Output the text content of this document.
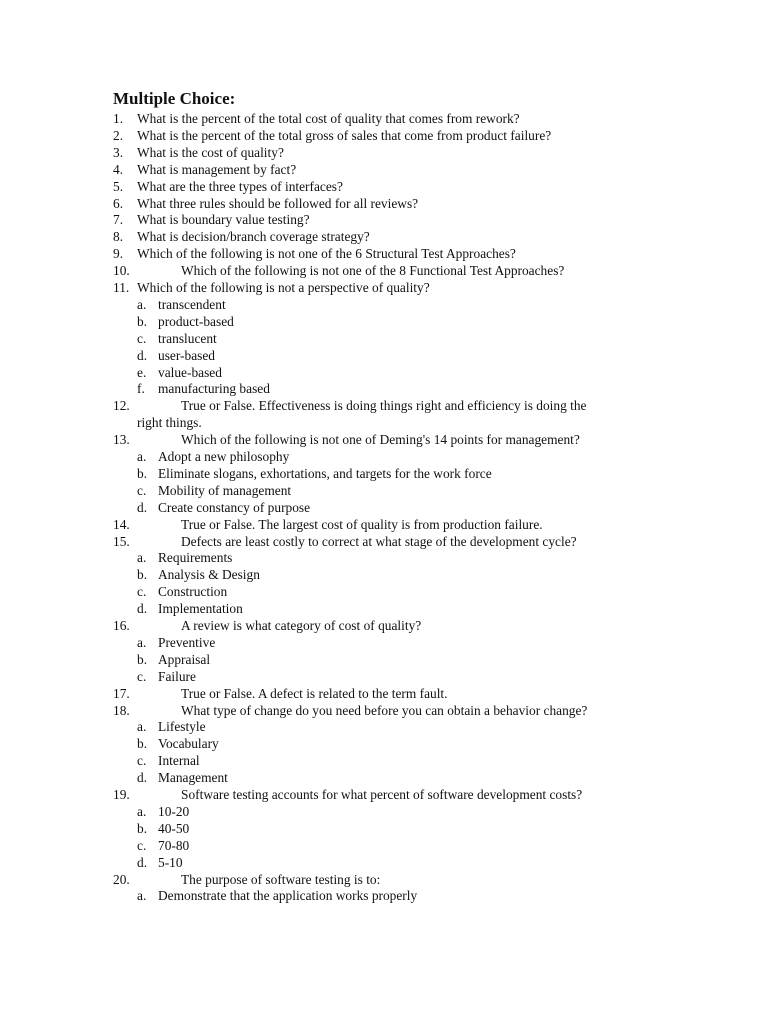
Multiple Choice:
1. What is the percent of the total cost of quality that comes from rework?
2. What is the percent of the total gross of sales that come from product failure?
3. What is the cost of quality?
4. What is management by fact?
5. What are the three types of interfaces?
6. What three rules should be followed for all reviews?
7. What is boundary value testing?
8. What is decision/branch coverage strategy?
9. Which of the following is not one of the 6 Structural Test Approaches?
10.	Which of the following is not one of the 8 Functional Test Approaches?
11. Which of the following is not a perspective of quality?
a. transcendent
b. product-based
c. translucent
d. user-based
e. value-based
f. manufacturing based
12.	True or False. Effectiveness is doing things right and efficiency is doing the
right things.
13.	Which of the following is not one of Deming's 14 points for management?
a. Adopt a new philosophy
b. Eliminate slogans, exhortations, and targets for the work force
c. Mobility of management
d. Create constancy of purpose
14.	True or False. The largest cost of quality is from production failure.
15.	Defects are least costly to correct at what stage of the development cycle?
a. Requirements
b. Analysis & Design
c. Construction
d. Implementation
16.	A review is what category of cost of quality?
a. Preventive
b. Appraisal
c. Failure
17.	True or False. A defect is related to the term fault.
18.	What type of change do you need before you can obtain a behavior change?
a. Lifestyle
b. Vocabulary
c. Internal
d. Management
19.	Software testing accounts for what percent of software development costs?
a. 10-20
b. 40-50
c. 70-80
d. 5-10
20.	The purpose of software testing is to:
a. Demonstrate that the application works properly
